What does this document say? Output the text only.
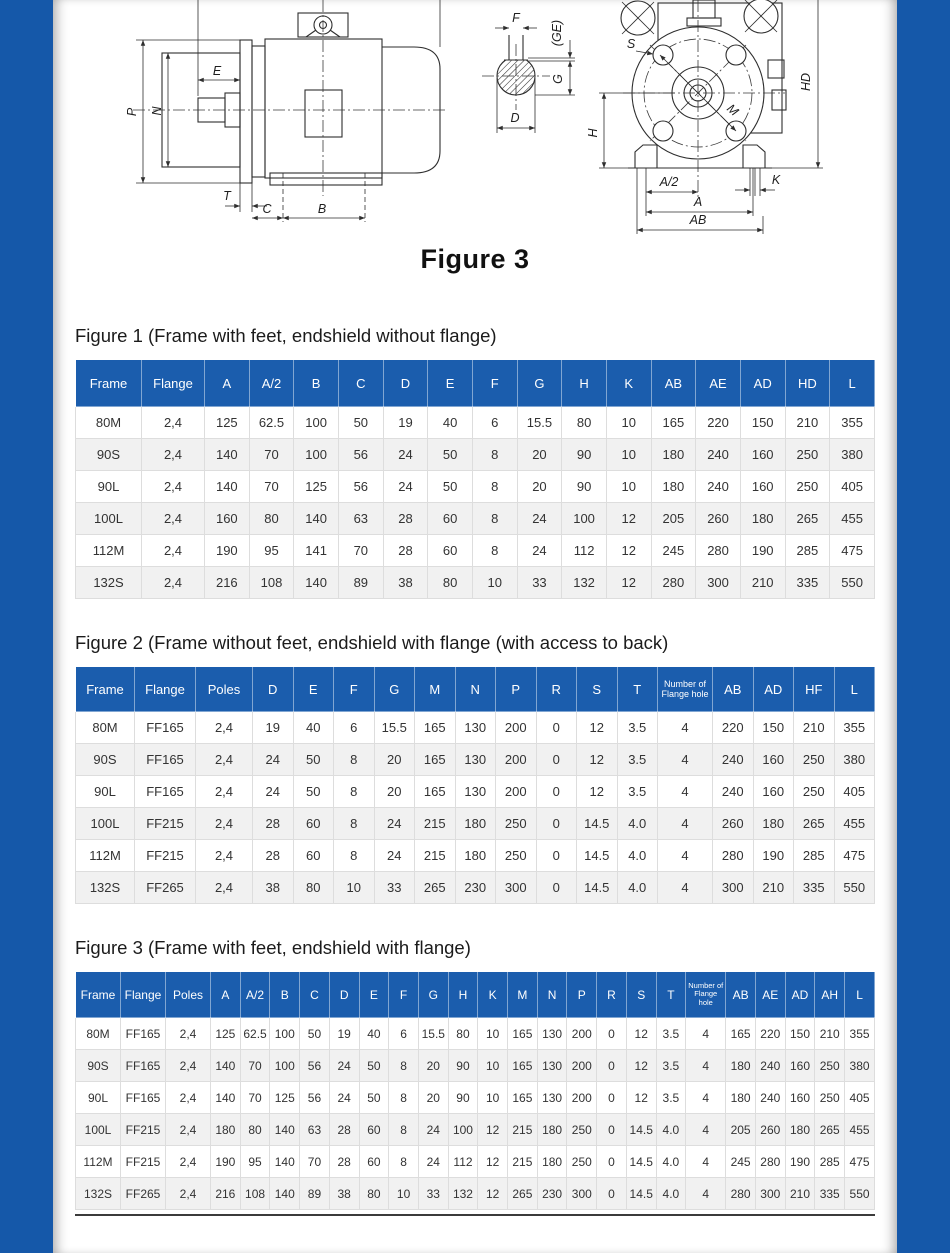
P N
E
T
C	B
F
(GE)
G
D
S
M
K
H
HD
A/2
A
AB
Figure 3
Figure 1 (Frame with feet, endshield without flange)
Frame	Flange	A	A/2	B	C	D	E	F	G	H	K	AB	AE	AD	HD	L
80M	2,4	125	62.5	100	50	19	40	6	15.5	80	10	165	220	150	210	355
90S	2,4	140	70	100	56	24	50	8	20	90	10	180	240	160	250	380
90L	2,4	140	70	125	56	24	50	8	20	90	10	180	240	160	250	405
100L	2,4	160	80	140	63	28	60	8	24	100	12	205	260	180	265	455
112M	2,4	190	95	141	70	28	60	8	24	112	12	245	280	190	285	475
132S	2,4	216	108	140	89	38	80	10	33	132	12	280	300	210	335	550
Figure 2 (Frame without feet, endshield with flange (with access to back)
Frame	Flange	Poles	D	E	F	G	M	N	P	R	S	T	Number of
Flange hole	AB	AD	HF	L
80M	FF165	2,4	19	40	6	15.5	165	130	200	0	12	3.5	4	220	150	210	355
90S	FF165	2,4	24	50	8	20	165	130	200	0	12	3.5	4	240	160	250	380
90L	FF165	2,4	24	50	8	20	165	130	200	0	12	3.5	4	240	160	250	405
100L	FF215	2,4	28	60	8	24	215	180	250	0	14.5	4.0	4	260	180	265	455
112M	FF215	2,4	28	60	8	24	215	180	250	0	14.5	4.0	4	280	190	285	475
132S	FF265	2,4	38	80	10	33	265	230	300	0	14.5	4.0	4	300	210	335	550
Figure 3 (Frame with feet, endshield with flange)
Frame	Flange	Poles	A	A/2	B	C	D	E	F	G	H	K	M	N	P	R	S	T	Number of
Flange hole	AB	AE	AD	AH	L
80M	FF165	2,4	125	62.5	100	50	19	40	6	15.5	80	10	165	130	200	0	12	3.5	4	165	220	150	210	355
90S	FF165	2,4	140	70	100	56	24	50	8	20	90	10	165	130	200	0	12	3.5	4	180	240	160	250	380
90L	FF165	2,4	140	70	125	56	24	50	8	20	90	10	165	130	200	0	12	3.5	4	180	240	160	250	405
100L	FF215	2,4	180	80	140	63	28	60	8	24	100	12	215	180	250	0	14.5	4.0	4	205	260	180	265	455
112M	FF215	2,4	190	95	140	70	28	60	8	24	112	12	215	180	250	0	14.5	4.0	4	245	280	190	285	475
132S	FF265	2,4	216	108	140	89	38	80	10	33	132	12	265	230	300	0	14.5	4.0	4	280	300	210	335	550
